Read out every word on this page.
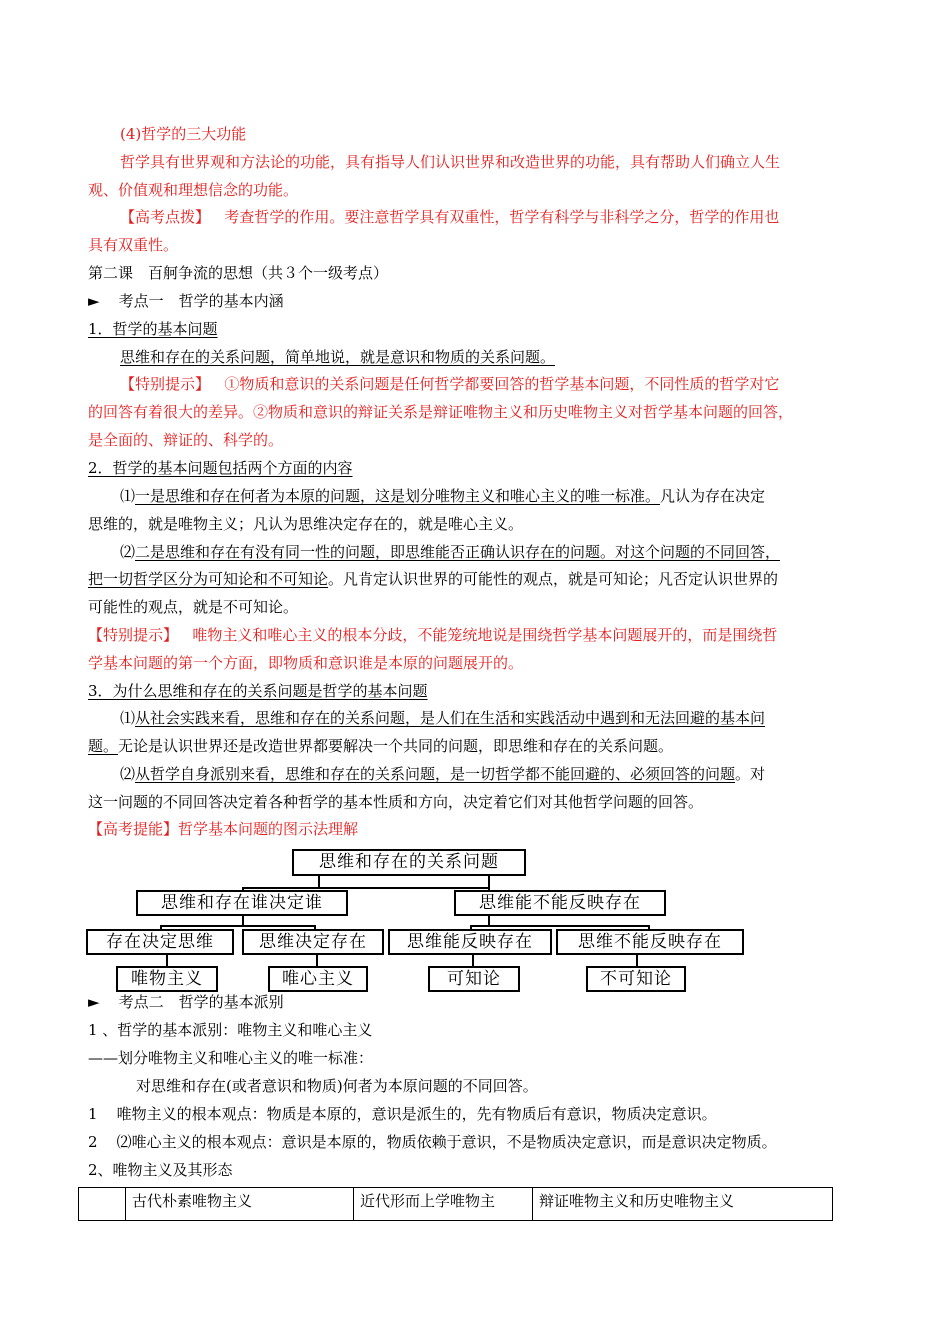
(4)哲学的三大功能
哲学具有世界观和方法论的功能，具有指导人们认识世界和改造世界的功能，具有帮助人们确立人生
观、价值观和理想信念的功能。
【高考点拨】 考查哲学的作用。要注意哲学具有双重性，哲学有科学与非科学之分，哲学的作用也
具有双重性。
第二课　百舸争流的思想（共３个一级考点）
► 考点一　哲学的基本内涵
1．哲学的基本问题
思维和存在的关系问题，简单地说，就是意识和物质的关系问题。
【特别提示】 ①物质和意识的关系问题是任何哲学都要回答的哲学基本问题，不同性质的哲学对它
的回答有着很大的差异。②物质和意识的辩证关系是辩证唯物主义和历史唯物主义对哲学基本问题的回答，
是全面的、辩证的、科学的。
2．哲学的基本问题包括两个方面的内容
⑴一是思维和存在何者为本原的问题，这是划分唯物主义和唯心主义的唯一标准。凡认为存在决定
思维的，就是唯物主义；凡认为思维决定存在的，就是唯心主义。
⑵二是思维和存在有没有同一性的问题，即思维能否正确认识存在的问题。对这个问题的不同回答，
把一切哲学区分为可知论和不可知论。凡肯定认识世界的可能性的观点，就是可知论；凡否定认识世界的
可能性的观点，就是不可知论。
【特别提示】 唯物主义和唯心主义的根本分歧，不能笼统地说是围绕哲学基本问题展开的，而是围绕哲
学基本问题的第一个方面，即物质和意识谁是本原的问题展开的。
3．为什么思维和存在的关系问题是哲学的基本问题
⑴从社会实践来看，思维和存在的关系问题，是人们在生活和实践活动中遇到和无法回避的基本问
题。无论是认识世界还是改造世界都要解决一个共同的问题，即思维和存在的关系问题。
⑵从哲学自身派别来看，思维和存在的关系问题，是一切哲学都不能回避的、必须回答的问题。对
这一问题的不同回答决定着各种哲学的基本性质和方向，决定着它们对其他哲学问题的回答。
【高考提能】哲学基本问题的图示法理解
思维和存在的关系问题
思维和存在谁决定谁	思维能不能反映存在
存在决定思维	思维决定存在	思维能反映存在	思维不能反映存在
唯物主义	唯心主义	可知论	不可知论
► 考点二　哲学的基本派别
1 、哲学的基本派别：唯物主义和唯心主义
——划分唯物主义和唯心主义的唯一标准：
对思维和存在(或者意识和物质)何者为本原问题的不同回答。
1 唯物主义的根本观点：物质是本原的，意识是派生的，先有物质后有意识，物质决定意识。
2 ⑵唯心主义的根本观点：意识是本原的，物质依赖于意识，不是物质决定意识，而是意识决定物质。
2、唯物主义及其形态
	古代朴素唯物主义	近代形而上学唯物主	辩证唯物主义和历史唯物主义
